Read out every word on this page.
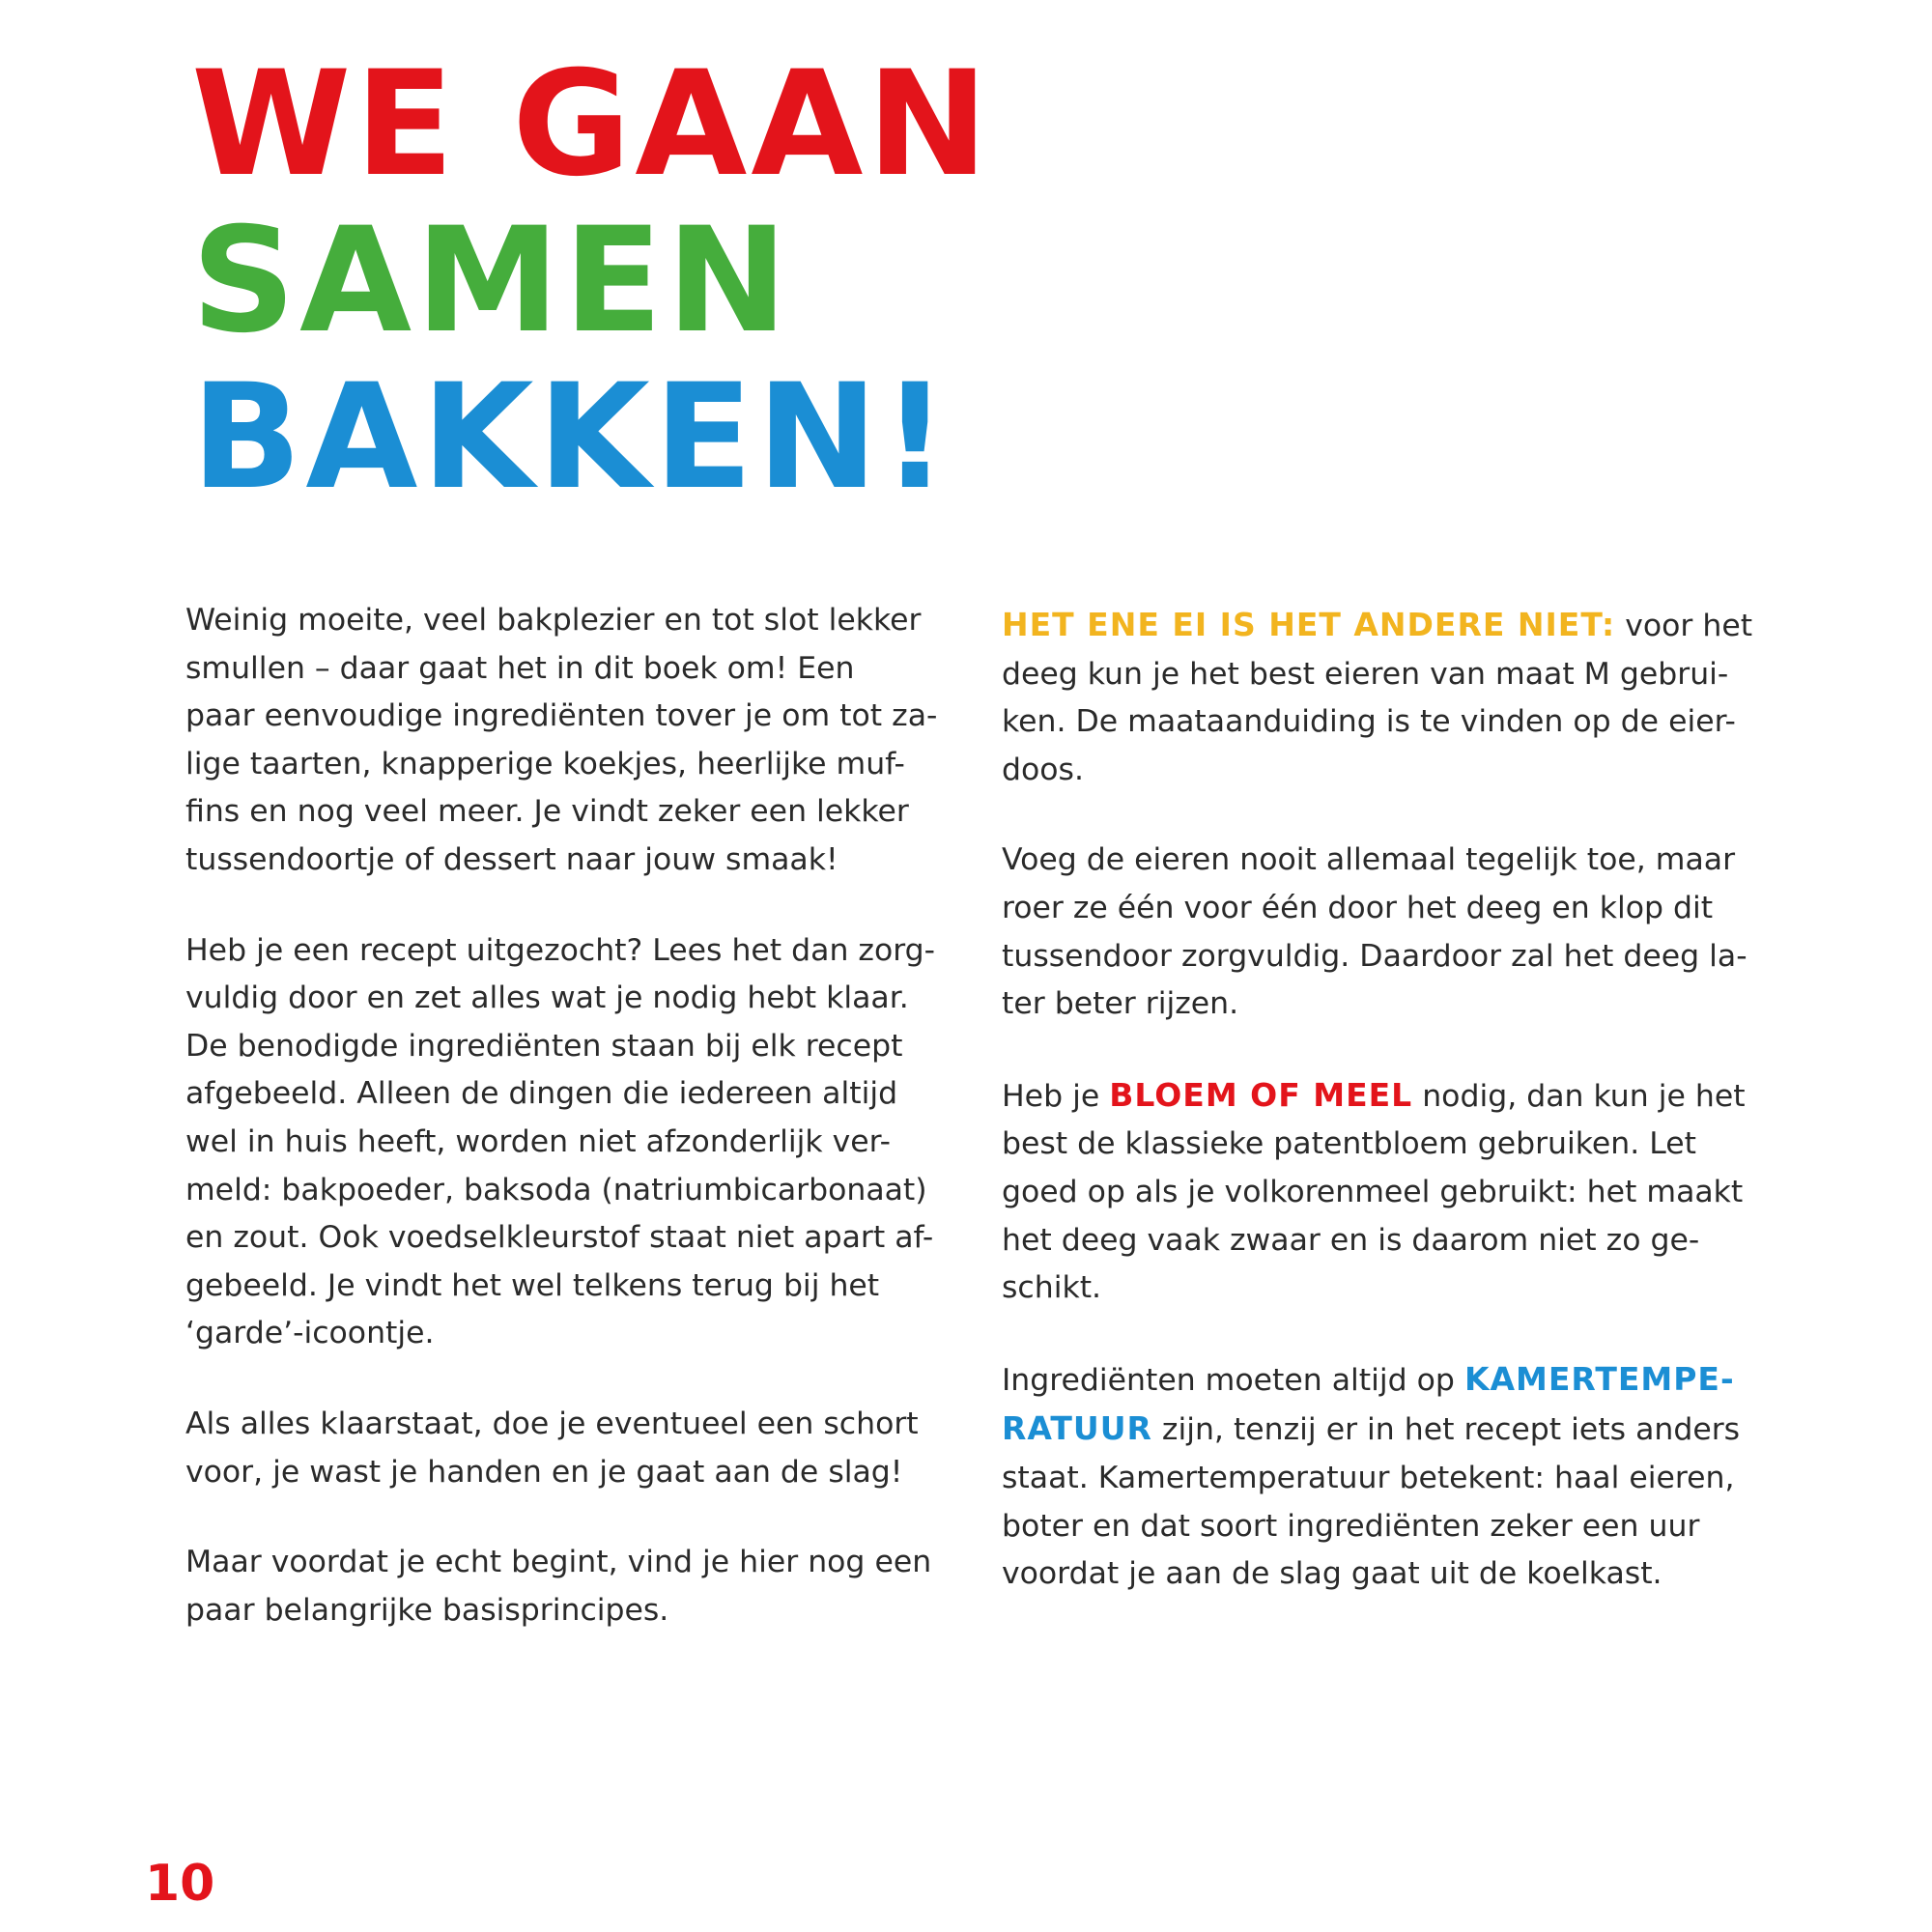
WE GAAN
SAMEN
BAKKEN!

Weinig moeite, veel bakplezier en tot slot lekker
smullen – daar gaat het in dit boek om! Een
paar eenvoudige ingrediënten tover je om tot za-
lige taarten, knapperige koekjes, heerlijke muf-
fins en nog veel meer. Je vindt zeker een lekker
tussendoortje of dessert naar jouw smaak!

Heb je een recept uitgezocht? Lees het dan zorg-
vuldig door en zet alles wat je nodig hebt klaar.
De benodigde ingrediënten staan bij elk recept
afgebeeld. Alleen de dingen die iedereen altijd
wel in huis heeft, worden niet afzonderlijk ver-
meld: bakpoeder, baksoda (natriumbicarbonaat)
en zout. Ook voedselkleurstof staat niet apart af-
gebeeld. Je vindt het wel telkens terug bij het
‘garde’-icoontje.

Als alles klaarstaat, doe je eventueel een schort
voor, je wast je handen en je gaat aan de slag!

Maar voordat je echt begint, vind je hier nog een
paar belangrijke basisprincipes.

HET ENE EI IS HET ANDERE NIET: voor het
deeg kun je het best eieren van maat M gebrui-
ken. De maataanduiding is te vinden op de eier-
doos.

Voeg de eieren nooit allemaal tegelijk toe, maar
roer ze één voor één door het deeg en klop dit
tussendoor zorgvuldig. Daardoor zal het deeg la-
ter beter rijzen.

Heb je BLOEM OF MEEL nodig, dan kun je het
best de klassieke patentbloem gebruiken. Let
goed op als je volkorenmeel gebruikt: het maakt
het deeg vaak zwaar en is daarom niet zo ge-
schikt.

Ingrediënten moeten altijd op KAMERTEMPE-
RATUUR zijn, tenzij er in het recept iets anders
staat. Kamertemperatuur betekent: haal eieren,
boter en dat soort ingrediënten zeker een uur
voordat je aan de slag gaat uit de koelkast.

10
